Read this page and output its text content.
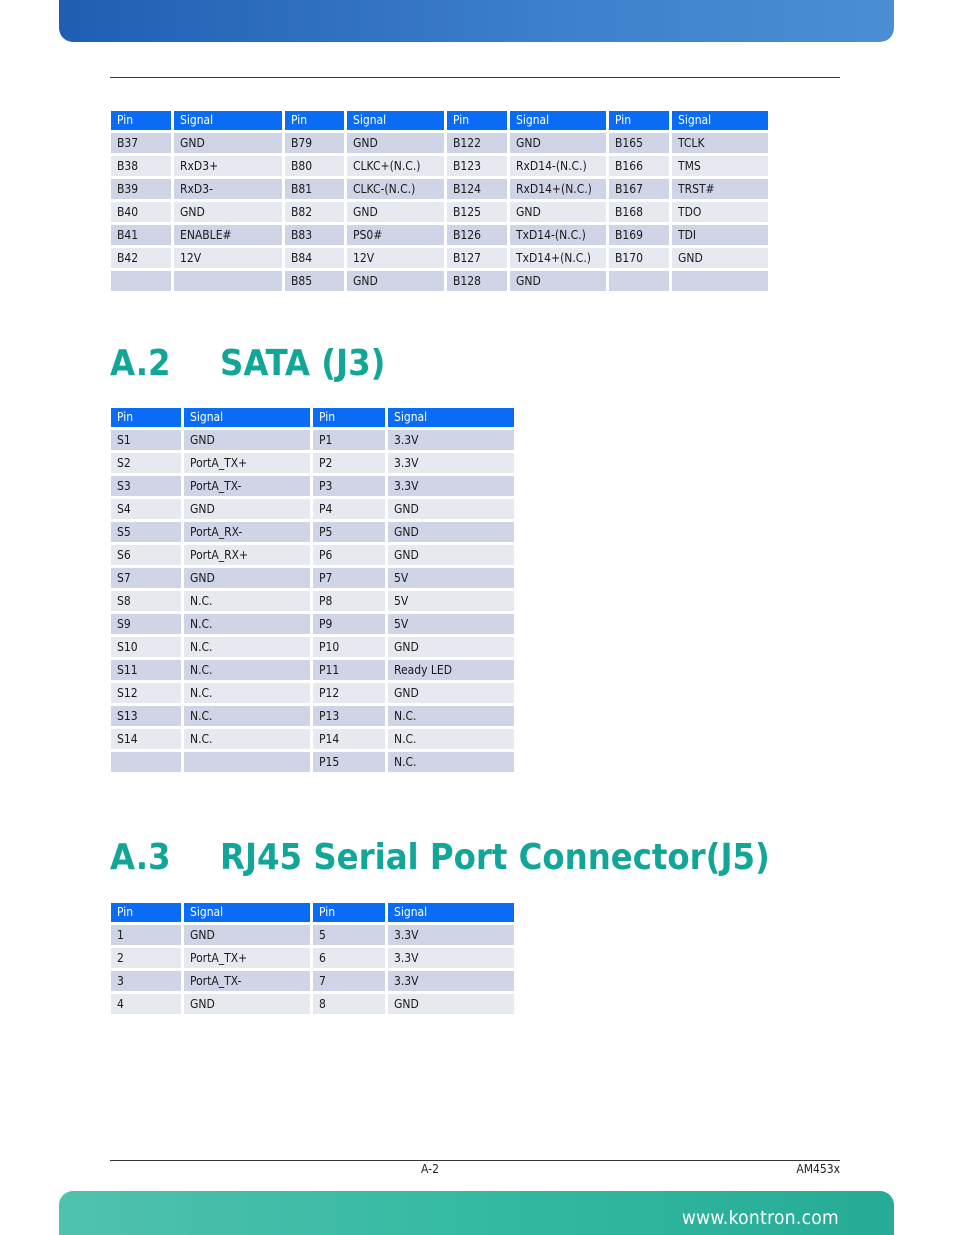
Pin	Signal	Pin	Signal	Pin	Signal	Pin	Signal
B37	GND	B79	GND	B122	GND	B165	TCLK
B38	RxD3+	B80	CLKC+(N.C.)	B123	RxD14-(N.C.)	B166	TMS
B39	RxD3-	B81	CLKC-(N.C.)	B124	RxD14+(N.C.)	B167	TRST#
B40	GND	B82	GND	B125	GND	B168	TDO
B41	ENABLE#	B83	PS0#	B126	TxD14-(N.C.)	B169	TDI
B42	12V	B84	12V	B127	TxD14+(N.C.)	B170	GND
		B85	GND	B128	GND		
A.2 SATA (J3)
Pin	Signal	Pin	Signal
S1	GND	P1	3.3V
S2	PortA_TX+	P2	3.3V
S3	PortA_TX-	P3	3.3V
S4	GND	P4	GND
S5	PortA_RX-	P5	GND
S6	PortA_RX+	P6	GND
S7	GND	P7	5V
S8	N.C.	P8	5V
S9	N.C.	P9	5V
S10	N.C.	P10	GND
S11	N.C.	P11	Ready LED
S12	N.C.	P12	GND
S13	N.C.	P13	N.C.
S14	N.C.	P14	N.C.
		P15	N.C.
A.3 RJ45 Serial Port Connector(J5)
Pin	Signal	Pin	Signal
1	GND	5	3.3V
2	PortA_TX+	6	3.3V
3	PortA_TX-	7	3.3V
4	GND	8	GND
A-2	AM453x
www.kontron.com
